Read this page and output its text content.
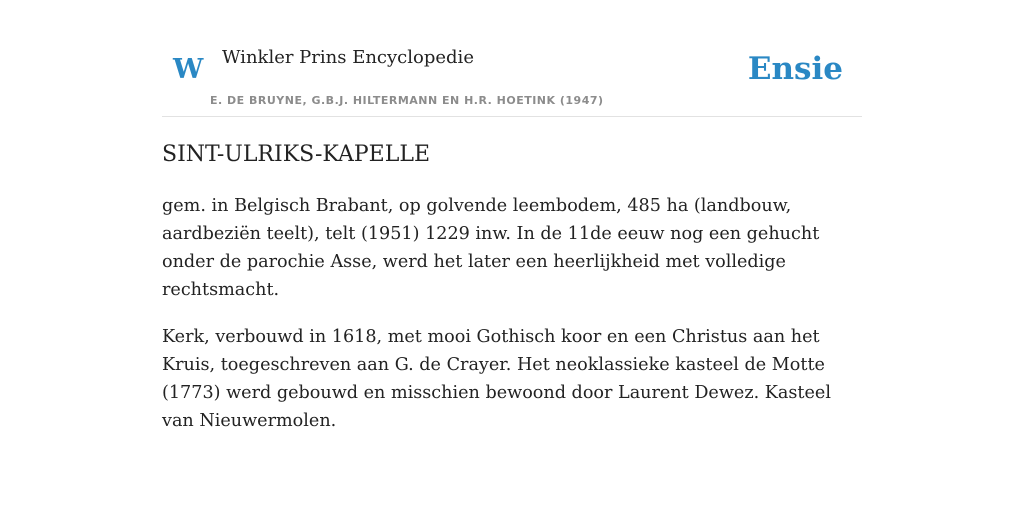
W Winkler Prins Encyclopedie
E. DE BRUYNE, G.B.J. HILTERMANN EN H.R. HOETINK (1947)
Ensie
SINT-ULRIKS-KAPELLE

gem. in Belgisch Brabant, op golvende leembodem, 485 ha (landbouw, aardbeziën teelt), telt (1951) 1229 inw. In de 11de eeuw nog een gehucht onder de parochie Asse, werd het later een heerlijkheid met volledige rechtsmacht.

Kerk, verbouwd in 1618, met mooi Gothisch koor en een Christus aan het Kruis, toegeschreven aan G. de Crayer. Het neoklassieke kasteel de Motte (1773) werd gebouwd en misschien bewoond door Laurent Dewez. Kasteel van Nieuwermolen.
